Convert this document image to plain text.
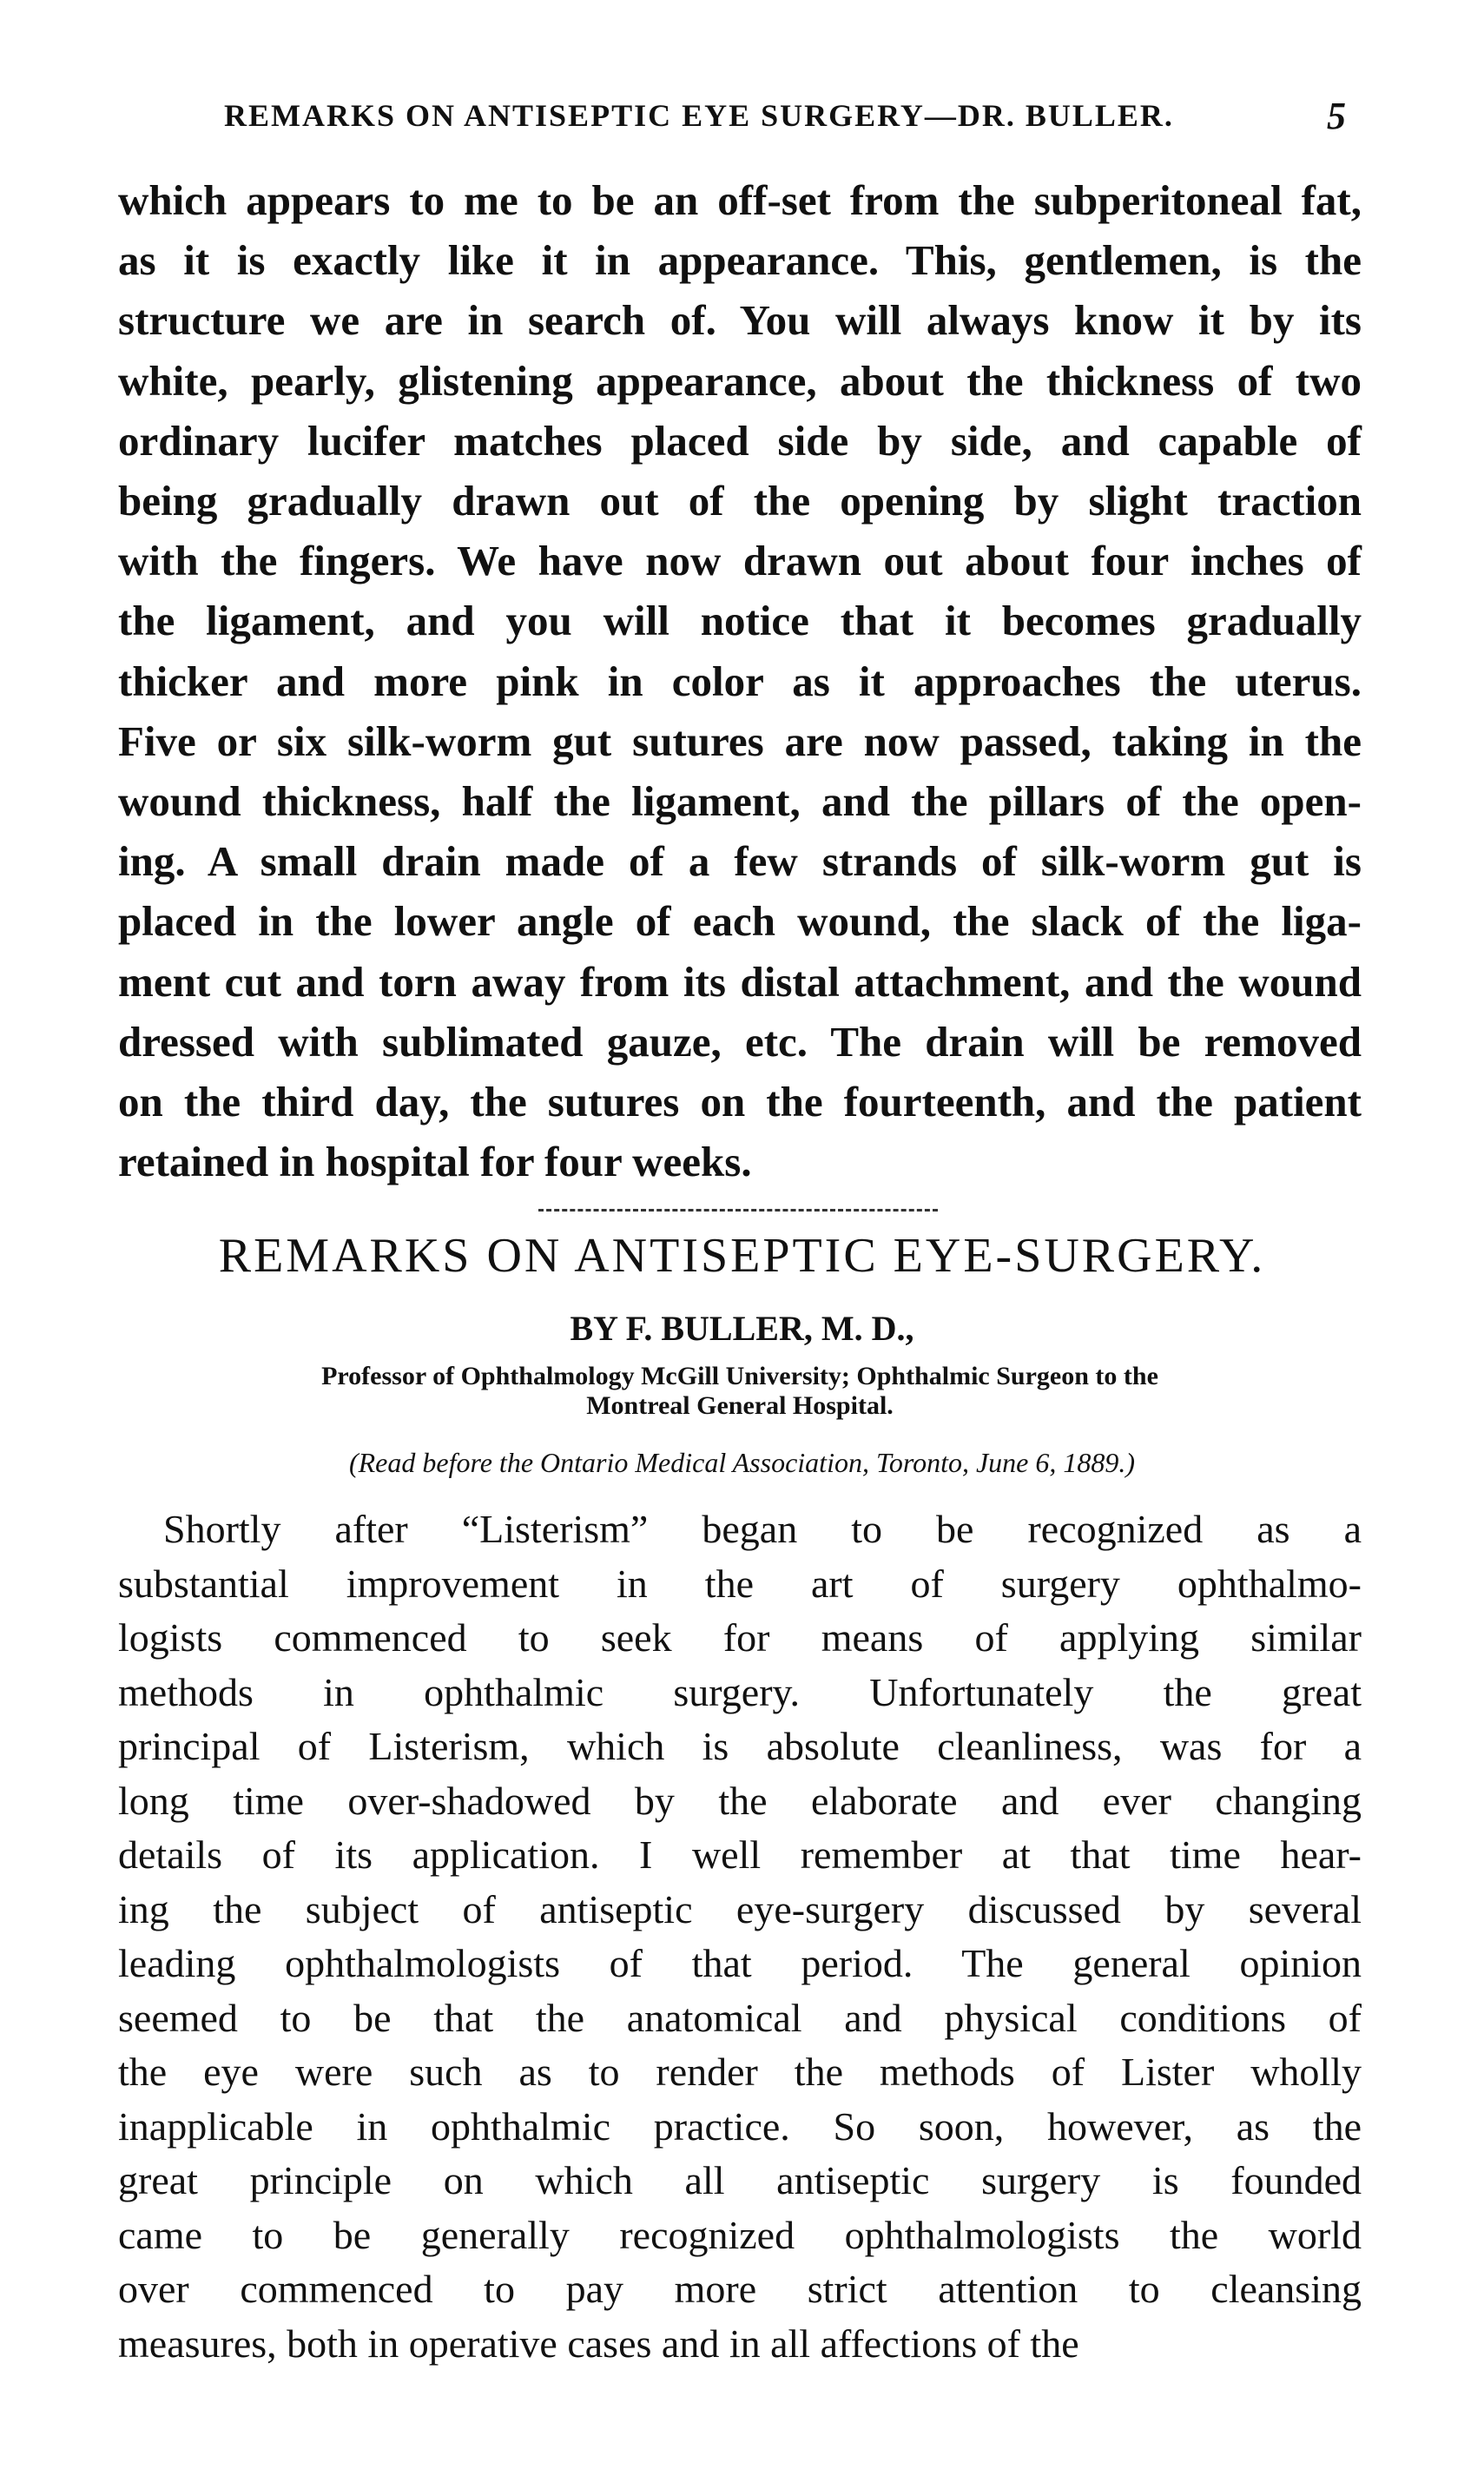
REMARKS ON ANTISEPTIC EYE SURGERY—DR. BULLER.	5
which appears to me to be an off-set from the subperitoneal fat,
as it is exactly like it in appearance. This, gentlemen, is the
structure we are in search of. You will always know it by its
white, pearly, glistening appearance, about the thickness of two
ordinary lucifer matches placed side by side, and capable of
being gradually drawn out of the opening by slight traction
with the fingers. We have now drawn out about four inches of
the ligament, and you will notice that it becomes gradually
thicker and more pink in color as it approaches the uterus.
Five or six silk-worm gut sutures are now passed, taking in the
wound thickness, half the ligament, and the pillars of the open-
ing. A small drain made of a few strands of silk-worm gut is
placed in the lower angle of each wound, the slack of the liga-
ment cut and torn away from its distal attachment, and the wound
dressed with sublimated gauze, etc. The drain will be removed
on the third day, the sutures on the fourteenth, and the patient
retained in hospital for four weeks.
REMARKS ON ANTISEPTIC EYE-SURGERY.
BY F. BULLER, M. D.,
Professor of Ophthalmology McGill University; Ophthalmic Surgeon to the
Montreal General Hospital.
(Read before the Ontario Medical Association, Toronto, June 6, 1889.)
Shortly after “Listerism” began to be recognized as a
substantial improvement in the art of surgery ophthalmo-
logists commenced to seek for means of applying similar
methods in ophthalmic surgery. Unfortunately the great
principal of Listerism, which is absolute cleanliness, was for a
long time over-shadowed by the elaborate and ever changing
details of its application. I well remember at that time hear-
ing the subject of antiseptic eye-surgery discussed by several
leading ophthalmologists of that period. The general opinion
seemed to be that the anatomical and physical conditions of
the eye were such as to render the methods of Lister wholly
inapplicable in ophthalmic practice. So soon, however, as the
great principle on which all antiseptic surgery is founded
came to be generally recognized ophthalmologists the world
over commenced to pay more strict attention to cleansing
measures, both in operative cases and in all affections of the
